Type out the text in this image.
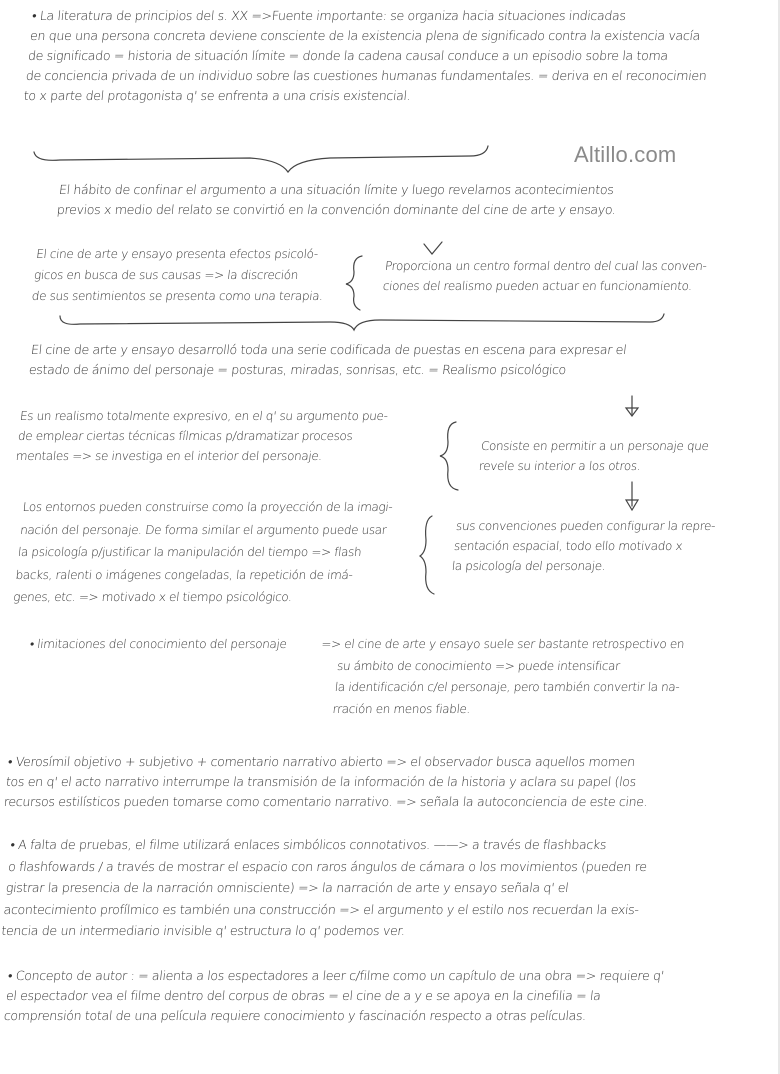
Altillo.com
• La literatura de principios del s. XX =>Fuente importante: se organiza hacia situaciones indicadas
en que una persona concreta deviene consciente de la existencia plena de significado contra la existencia vacía
de significado = historia de situación límite = donde la cadena causal conduce a un episodio sobre la toma
de conciencia privada de un individuo sobre las cuestiones humanas fundamentales. = deriva en el reconocimien
to x parte del protagonista q' se enfrenta a una crisis existencial.
El hábito de confinar el argumento a una situación límite y luego revelarnos acontecimientos
previos x medio del relato se convirtió en la convención dominante del cine de arte y ensayo.
El cine de arte y ensayo presenta efectos psicoló-
gicos en busca de sus causas => la discreción
de sus sentimientos se presenta como una terapia.
Proporciona un centro formal dentro del cual las conven-
ciones del realismo pueden actuar en funcionamiento.
El cine de arte y ensayo desarrolló toda una serie codificada de puestas en escena para expresar el
estado de ánimo del personaje = posturas, miradas, sonrisas, etc. = Realismo psicológico
Es un realismo totalmente expresivo, en el q' su argumento pue-
de emplear ciertas técnicas fílmicas p/dramatizar procesos
mentales => se investiga en el interior del personaje.
Consiste en permitir a un personaje que
revele su interior a los otros.
Los entornos pueden construirse como la proyección de la imagi-
nación del personaje. De forma similar el argumento puede usar
la psicología p/justificar la manipulación del tiempo => flash
backs, ralenti o imágenes congeladas, la repetición de imá-
genes, etc. => motivado x el tiempo psicológico.
sus convenciones pueden configurar la repre-
sentación espacial, todo ello motivado x
la psicología del personaje.
• limitaciones del conocimiento del personaje	=> el cine de arte y ensayo suele ser bastante retrospectivo en
su ámbito de conocimiento => puede intensificar
la identificación c/el personaje, pero también convertir la na-
rración en menos fiable.
• Verosímil objetivo + subjetivo + comentario narrativo abierto => el observador busca aquellos momen
tos en q' el acto narrativo interrumpe la transmisión de la información de la historia y aclara su papel (los
recursos estilísticos pueden tomarse como comentario narrativo. => señala la autoconciencia de este cine.
• A falta de pruebas, el filme utilizará enlaces simbólicos connotativos. ——> a través de flashbacks
o flashfowards / a través de mostrar el espacio con raros ángulos de cámara o los movimientos (pueden re
gistrar la presencia de la narración omnisciente) => la narración de arte y ensayo señala q' el
acontecimiento profílmico es también una construcción => el argumento y el estilo nos recuerdan la exis-
tencia de un intermediario invisible q' estructura lo q' podemos ver.
• Concepto de autor : = alienta a los espectadores a leer c/filme como un capítulo de una obra => requiere q'
el espectador vea el filme dentro del corpus de obras = el cine de a y e se apoya en la cinefilia = la
comprensión total de una película requiere conocimiento y fascinación respecto a otras películas.
